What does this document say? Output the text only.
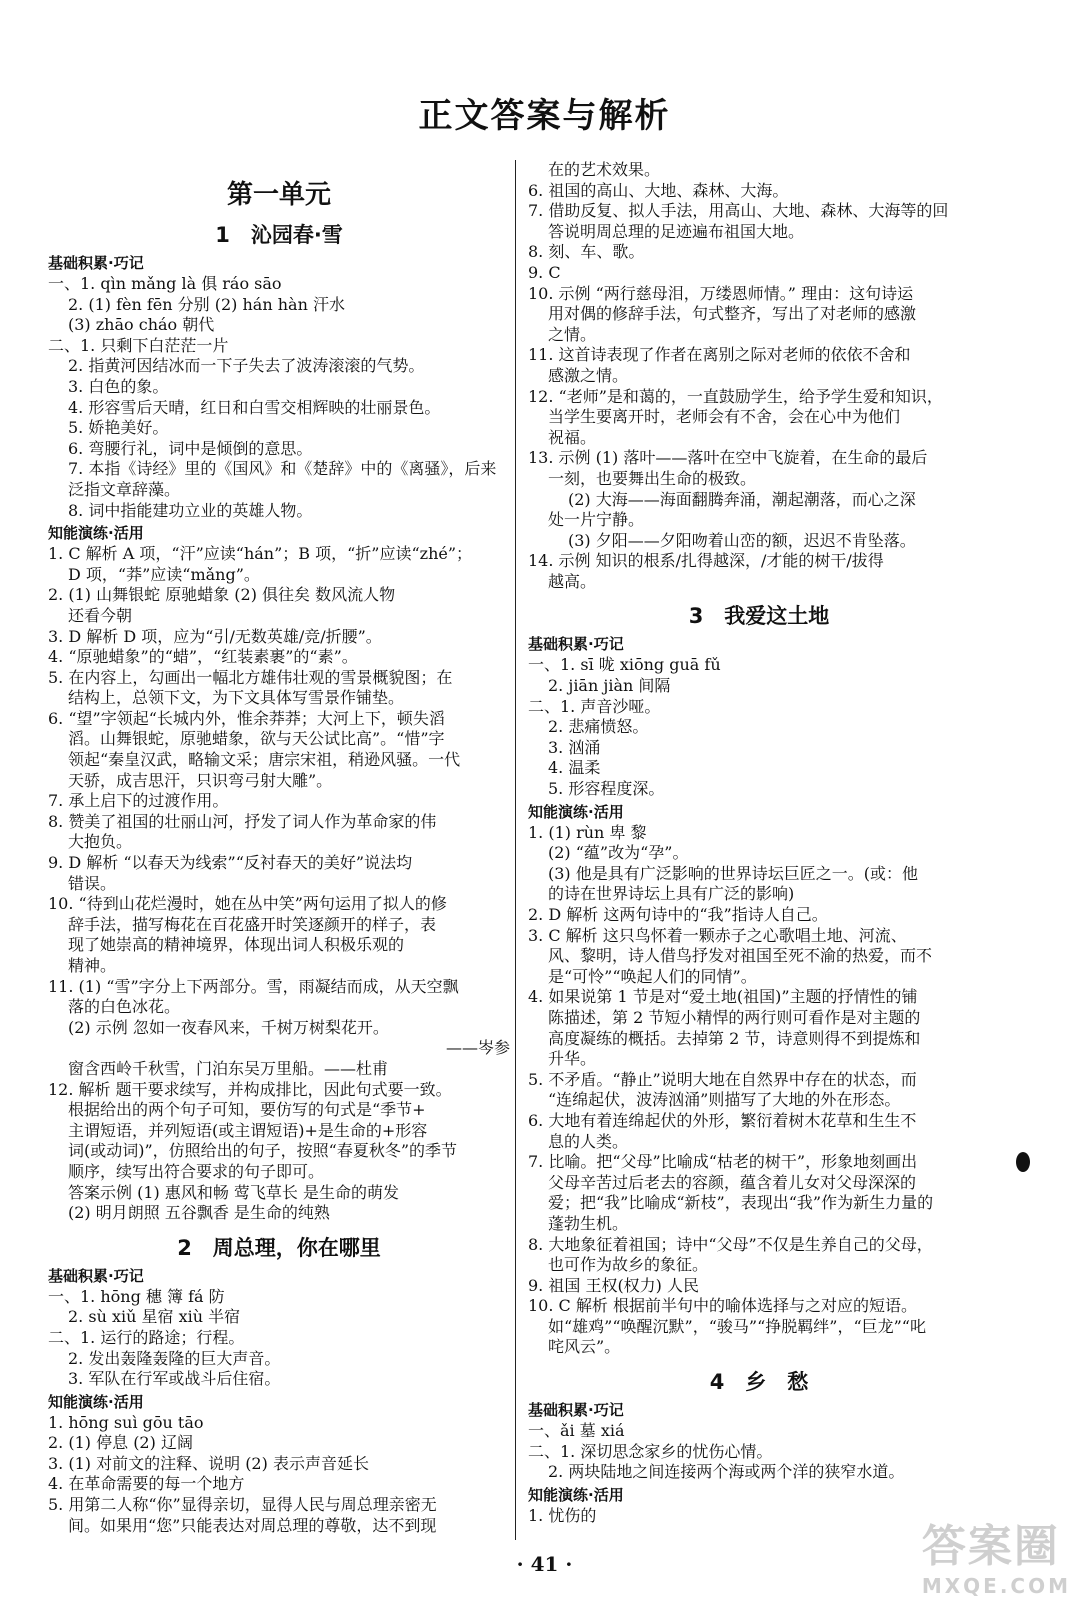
正文答案与解析
第一单元
1　沁园春·雪
基础积累·巧记
一、1. qìn mǎng là 俱 ráo sāo
2. (1) fèn fēn 分别 (2) hán hàn 汗水
(3) zhāo cháo 朝代
二、1. 只剩下白茫茫一片
2. 指黄河因结冰而一下子失去了波涛滚滚的气势。
3. 白色的象。
4. 形容雪后天晴，红日和白雪交相辉映的壮丽景色。
5. 娇艳美好。
6. 弯腰行礼，词中是倾倒的意思。
7. 本指《诗经》里的《国风》和《楚辞》中的《离骚》，后来
泛指文章辞藻。
8. 词中指能建功立业的英雄人物。
知能演练·活用
1. C 解析 A 项，“汗”应读“hán”；B 项，“折”应读“zhé”；
D 项，“莽”应读“mǎng”。
2. (1) 山舞银蛇 原驰蜡象 (2) 俱往矣 数风流人物
还看今朝
3. D 解析 D 项，应为“引/无数英雄/竞/折腰”。
4. “原驰蜡象”的“蜡”，“红装素裹”的“素”。
5. 在内容上，勾画出一幅北方雄伟壮观的雪景概貌图；在
结构上，总领下文，为下文具体写雪景作铺垫。
6. “望”字领起“长城内外，惟余莽莽；大河上下，顿失滔
滔。山舞银蛇，原驰蜡象，欲与天公试比高”。“惜”字
领起“秦皇汉武，略输文采；唐宗宋祖，稍逊风骚。一代
天骄，成吉思汗，只识弯弓射大雕”。
7. 承上启下的过渡作用。
8. 赞美了祖国的壮丽山河，抒发了词人作为革命家的伟
大抱负。
9. D 解析 “以春天为线索”“反衬春天的美好”说法均
错误。
10. “待到山花烂漫时，她在丛中笑”两句运用了拟人的修
辞手法，描写梅花在百花盛开时笑逐颜开的样子，表
现了她崇高的精神境界，体现出词人积极乐观的
精神。
11. (1) “雪”字分上下两部分。雪，雨凝结而成，从天空飘
落的白色冰花。
(2) 示例 忽如一夜春风来，千树万树梨花开。
——岑参
窗含西岭千秋雪，门泊东吴万里船。——杜甫
12. 解析 题干要求续写，并构成排比，因此句式要一致。
根据给出的两个句子可知，要仿写的句式是“季节+
主谓短语，并列短语(或主谓短语)+是生命的+形容
词(或动词)”，仿照给出的句子，按照“春夏秋冬”的季节
顺序，续写出符合要求的句子即可。
答案示例 (1) 惠风和畅 莺飞草长 是生命的萌发
(2) 明月朗照 五谷飘香 是生命的纯熟
2　周总理，你在哪里
基础积累·巧记
一、1. hōng 穗 簿 fá 防
2. sù xiǔ 星宿 xiù 半宿
二、1. 运行的路途；行程。
2. 发出轰隆轰隆的巨大声音。
3. 军队在行军或战斗后住宿。
知能演练·活用
1. hōng suì gōu tāo
2. (1) 停息 (2) 辽阔
3. (1) 对前文的注释、说明 (2) 表示声音延长
4. 在革命需要的每一个地方
5. 用第二人称“你”显得亲切，显得人民与周总理亲密无
间。如果用“您”只能表达对周总理的尊敬，达不到现
在的艺术效果。
6. 祖国的高山、大地、森林、大海。
7. 借助反复、拟人手法，用高山、大地、森林、大海等的回
答说明周总理的足迹遍布祖国大地。
8. 刻、车、歌。
9. C
10. 示例 “两行慈母泪，万缕恩师情。” 理由：这句诗运
用对偶的修辞手法，句式整齐，写出了对老师的感激
之情。
11. 这首诗表现了作者在离别之际对老师的依依不舍和
感激之情。
12. “老师”是和蔼的，一直鼓励学生，给予学生爱和知识，
当学生要离开时，老师会有不舍，会在心中为他们
祝福。
13. 示例 (1) 落叶——落叶在空中飞旋着，在生命的最后
一刻，也要舞出生命的极致。
(2) 大海——海面翻腾奔涌，潮起潮落，而心之深
处一片宁静。
(3) 夕阳——夕阳吻着山峦的额，迟迟不肯坠落。
14. 示例 知识的根系/扎得越深，/才能的树干/拔得
越高。
3　我爱这土地
基础积累·巧记
一、1. sī 咙 xiōng guā fǔ
2. jiān jiàn 间隔
二、1. 声音沙哑。
2. 悲痛愤怒。
3. 汹涌
4. 温柔
5. 形容程度深。
知能演练·活用
1. (1) rùn 卑 黎
(2) “蕴”改为“孕”。
(3) 他是具有广泛影响的世界诗坛巨匠之一。(或：他
的诗在世界诗坛上具有广泛的影响)
2. D 解析 这两句诗中的“我”指诗人自己。
3. C 解析 这只鸟怀着一颗赤子之心歌唱土地、河流、
风、黎明，诗人借鸟抒发对祖国至死不渝的热爱，而不
是“可怜”“唤起人们的同情”。
4. 如果说第 1 节是对“爱土地(祖国)”主题的抒情性的铺
陈描述，第 2 节短小精悍的两行则可看作是对主题的
高度凝练的概括。去掉第 2 节，诗意则得不到提炼和
升华。
5. 不矛盾。“静止”说明大地在自然界中存在的状态，而
“连绵起伏，波涛汹涌”则描写了大地的外在形态。
6. 大地有着连绵起伏的外形，繁衍着树木花草和生生不
息的人类。
7. 比喻。把“父母”比喻成“枯老的树干”，形象地刻画出
父母辛苦过后老去的容颜，蕴含着儿女对父母深深的
爱；把“我”比喻成“新枝”，表现出“我”作为新生力量的
蓬勃生机。
8. 大地象征着祖国；诗中“父母”不仅是生养自己的父母，
也可作为故乡的象征。
9. 祖国 王权(权力) 人民
10. C 解析 根据前半句中的喻体选择与之对应的短语。
如“雄鸡”“唤醒沉默”，“骏马”“挣脱羁绊”，“巨龙”“叱
咤风云”。
4　乡　愁
基础积累·巧记
一、ǎi 墓 xiá
二、1. 深切思念家乡的忧伤心情。
2. 两块陆地之间连接两个海或两个洋的狭窄水道。
知能演练·活用
1. 忧伤的
· 41 ·	答案圈
MXQE.COM
